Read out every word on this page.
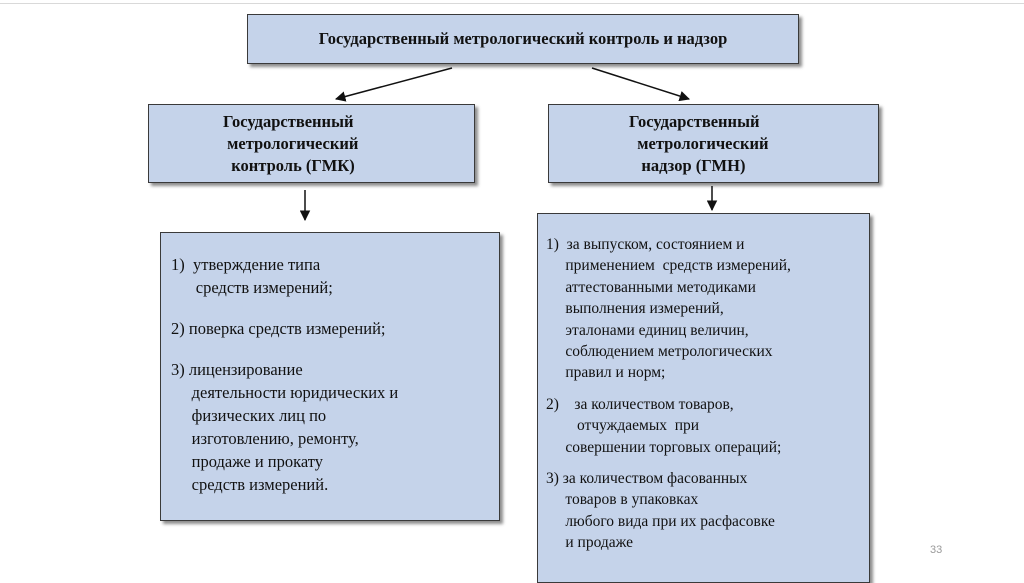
Государственный метрологический контроль и надзор
Государственный
метрологический
контроль (ГМК)
Государственный
метрологический
надзор (ГМН)
1)  утверждение типа
средств измерений;
2) поверка средств измерений;
3) лицензирование
деятельности юридических и
физических лиц по
изготовлению, ремонту,
продаже и прокату
средств измерений.
1)  за выпуском, состоянием и
применением  средств измерений,
аттестованными методиками
выполнения измерений,
эталонами единиц величин,
соблюдением метрологических
правил и норм;
2)    за количеством товаров,
отчуждаемых  при
совершении торговых операций;
3) за количеством фасованных
товаров в упаковках
любого вида при их расфасовке
и продаже	33
